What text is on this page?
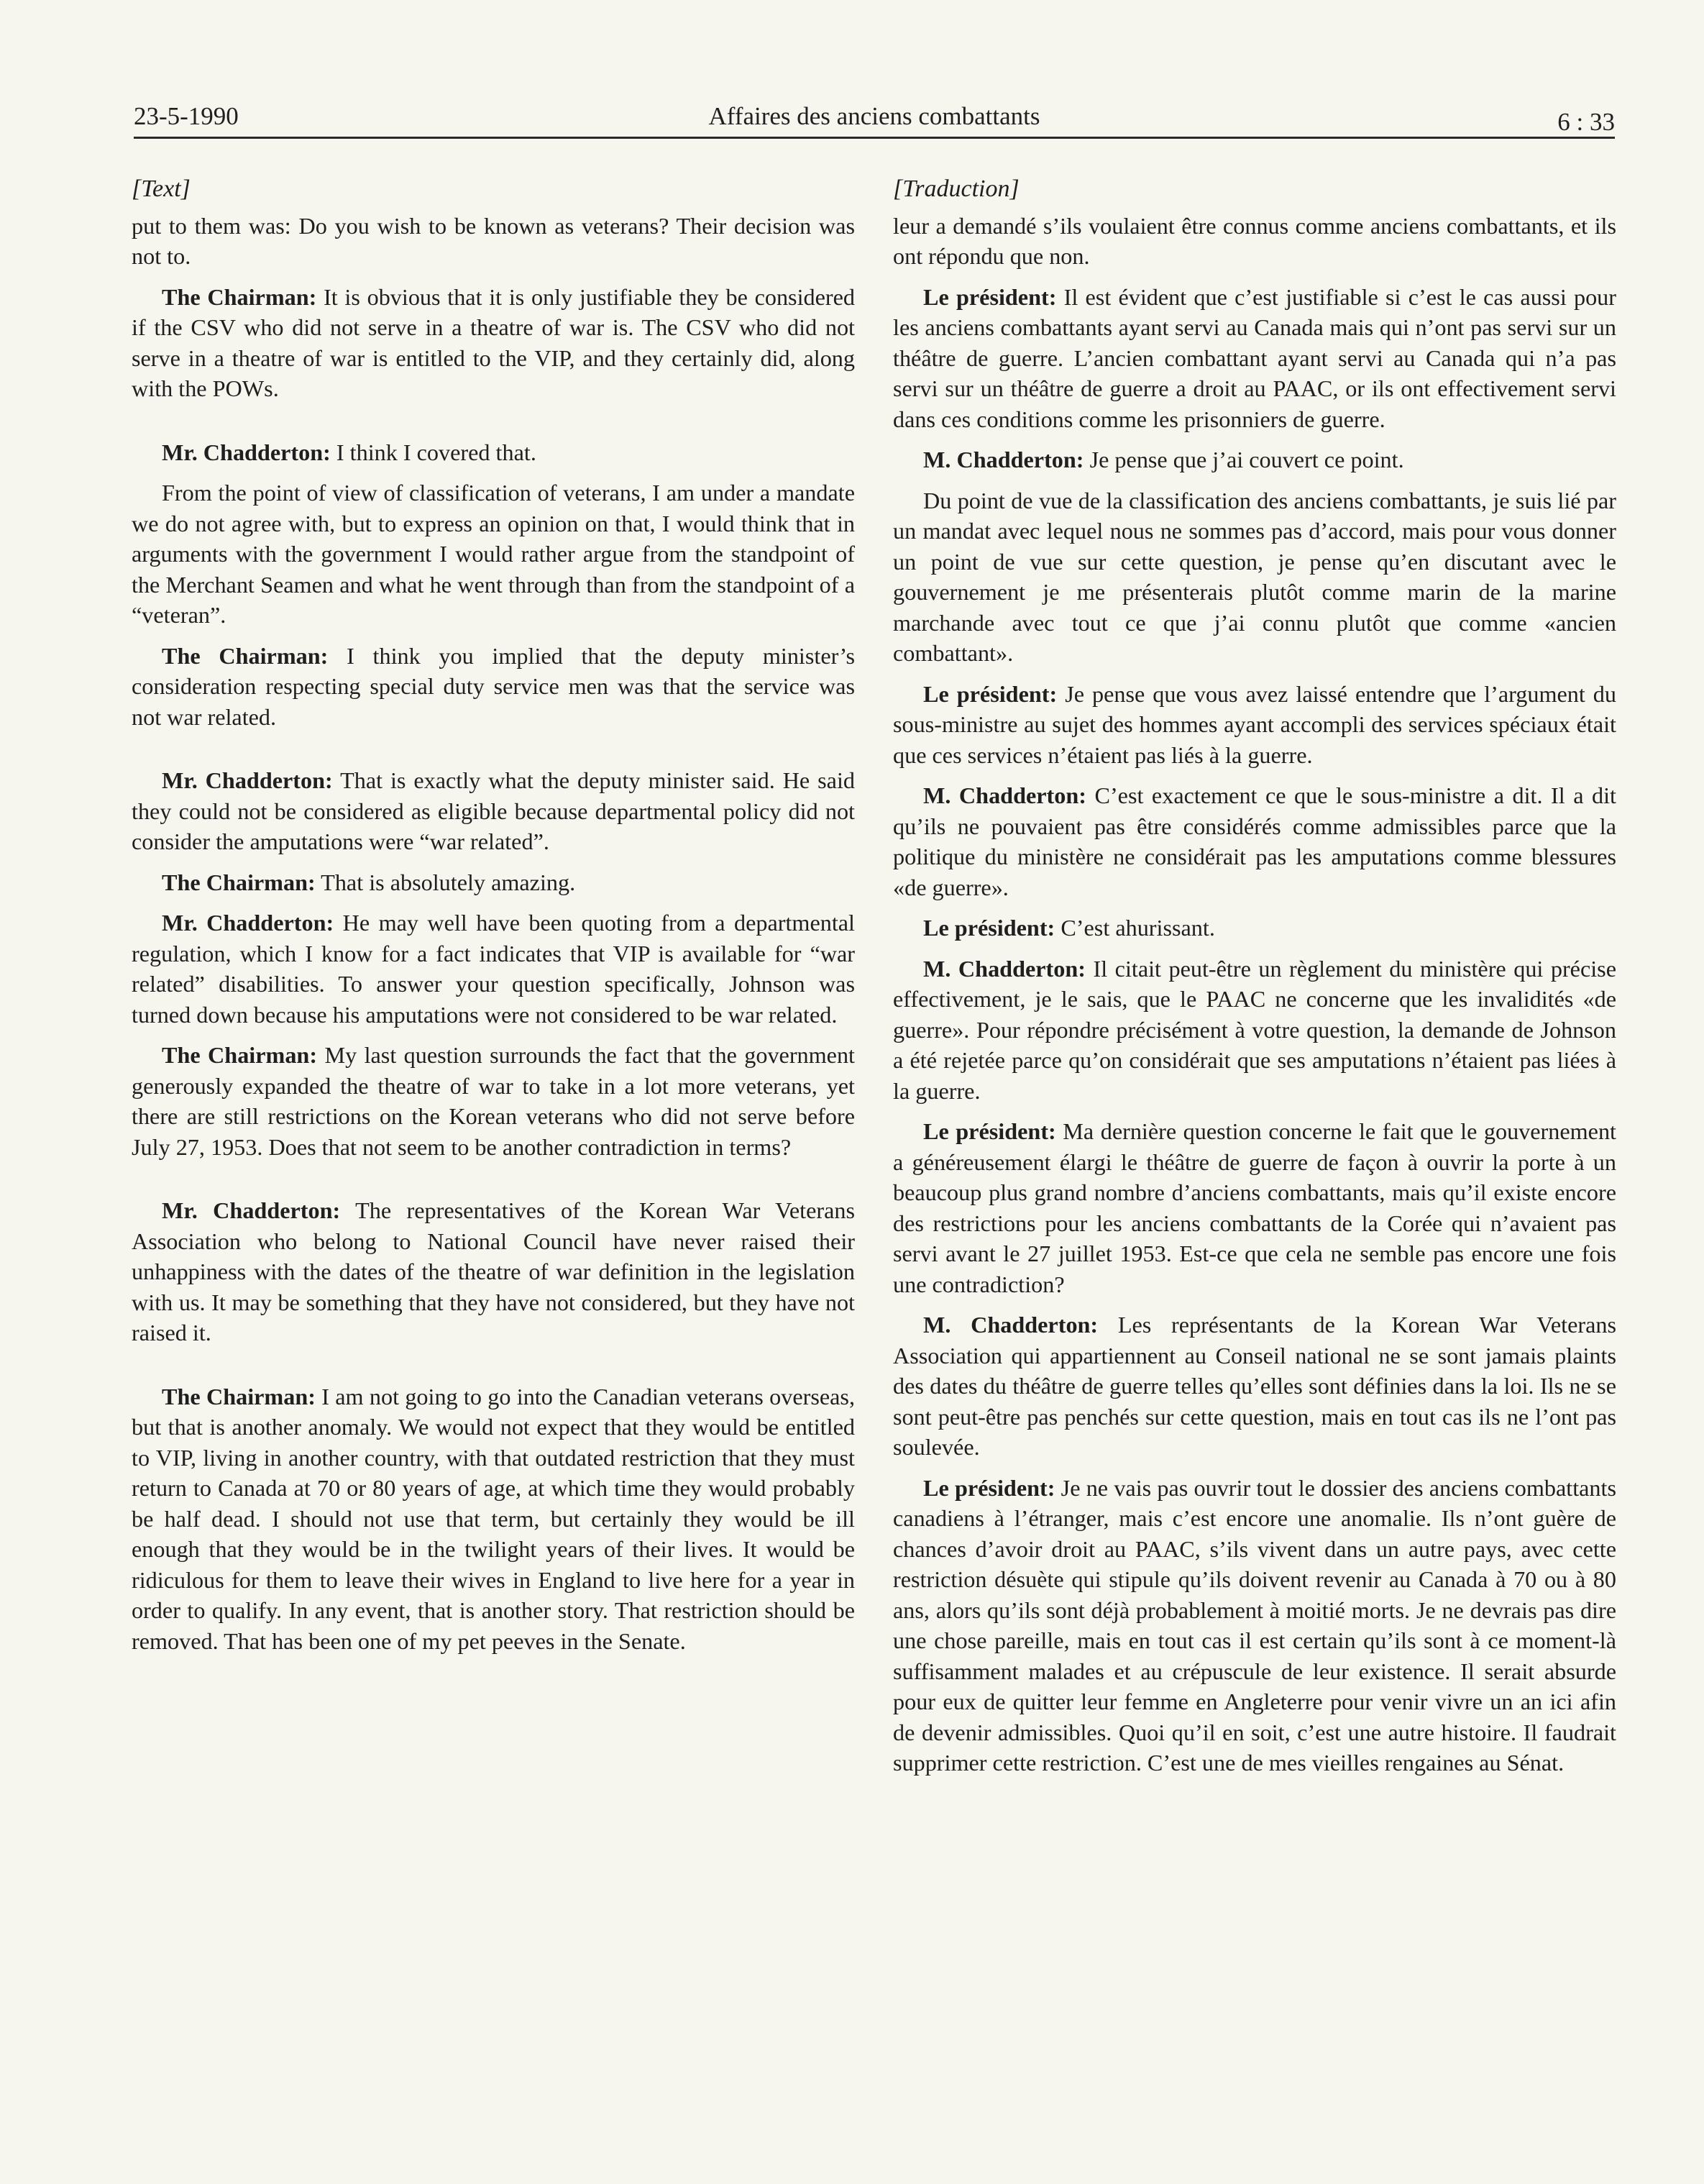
23-5-1990	Affaires des anciens combattants	6 : 33
[Text]

put to them was: Do you wish to be known as veterans? Their decision was not to.

The Chairman: It is obvious that it is only justifiable they be considered if the CSV who did not serve in a theatre of war is. The CSV who did not serve in a theatre of war is entitled to the VIP, and they certainly did, along with the POWs.

Mr. Chadderton: I think I covered that.

From the point of view of classification of veterans, I am under a mandate we do not agree with, but to express an opinion on that, I would think that in arguments with the government I would rather argue from the standpoint of the Merchant Seamen and what he went through than from the standpoint of a “veteran”.

The Chairman: I think you implied that the deputy minister’s consideration respecting special duty service men was that the service was not war related.

Mr. Chadderton: That is exactly what the deputy minister said. He said they could not be considered as eligible because departmental policy did not consider the amputations were “war related”.

The Chairman: That is absolutely amazing.

Mr. Chadderton: He may well have been quoting from a departmental regulation, which I know for a fact indicates that VIP is available for “war related” disabilities. To answer your question specifically, Johnson was turned down because his amputations were not considered to be war related.

The Chairman: My last question surrounds the fact that the government generously expanded the theatre of war to take in a lot more veterans, yet there are still restrictions on the Korean veterans who did not serve before July 27, 1953. Does that not seem to be another contradiction in terms?

Mr. Chadderton: The representatives of the Korean War Veterans Association who belong to National Council have never raised their unhappiness with the dates of the theatre of war definition in the legislation with us. It may be something that they have not considered, but they have not raised it.

The Chairman: I am not going to go into the Canadian veterans overseas, but that is another anomaly. We would not expect that they would be entitled to VIP, living in another country, with that outdated restriction that they must return to Canada at 70 or 80 years of age, at which time they would probably be half dead. I should not use that term, but certainly they would be ill enough that they would be in the twilight years of their lives. It would be ridiculous for them to leave their wives in England to live here for a year in order to qualify. In any event, that is another story. That restriction should be removed. That has been one of my pet peeves in the Senate.

[Traduction]

leur a demandé s’ils voulaient être connus comme anciens combattants, et ils ont répondu que non.

Le président: Il est évident que c’est justifiable si c’est le cas aussi pour les anciens combattants ayant servi au Canada mais qui n’ont pas servi sur un théâtre de guerre. L’ancien combattant ayant servi au Canada qui n’a pas servi sur un théâtre de guerre a droit au PAAC, or ils ont effectivement servi dans ces conditions comme les prisonniers de guerre.

M. Chadderton: Je pense que j’ai couvert ce point.

Du point de vue de la classification des anciens combattants, je suis lié par un mandat avec lequel nous ne sommes pas d’accord, mais pour vous donner un point de vue sur cette question, je pense qu’en discutant avec le gouvernement je me présenterais plutôt comme marin de la marine marchande avec tout ce que j’ai connu plutôt que comme «ancien combattant».

Le président: Je pense que vous avez laissé entendre que l’argument du sous-ministre au sujet des hommes ayant accompli des services spéciaux était que ces services n’étaient pas liés à la guerre.

M. Chadderton: C’est exactement ce que le sous-ministre a dit. Il a dit qu’ils ne pouvaient pas être considérés comme admissibles parce que la politique du ministère ne considérait pas les amputations comme blessures «de guerre».

Le président: C’est ahurissant.

M. Chadderton: Il citait peut-être un règlement du ministère qui précise effectivement, je le sais, que le PAAC ne concerne que les invalidités «de guerre». Pour répondre précisément à votre question, la demande de Johnson a été rejetée parce qu’on considérait que ses amputations n’étaient pas liées à la guerre.

Le président: Ma dernière question concerne le fait que le gouvernement a généreusement élargi le théâtre de guerre de façon à ouvrir la porte à un beaucoup plus grand nombre d’anciens combattants, mais qu’il existe encore des restrictions pour les anciens combattants de la Corée qui n’avaient pas servi avant le 27 juillet 1953. Est-ce que cela ne semble pas encore une fois une contradiction?

M. Chadderton: Les représentants de la Korean War Veterans Association qui appartiennent au Conseil national ne se sont jamais plaints des dates du théâtre de guerre telles qu’elles sont définies dans la loi. Ils ne se sont peut-être pas penchés sur cette question, mais en tout cas ils ne l’ont pas soulevée.

Le président: Je ne vais pas ouvrir tout le dossier des anciens combattants canadiens à l’étranger, mais c’est encore une anomalie. Ils n’ont guère de chances d’avoir droit au PAAC, s’ils vivent dans un autre pays, avec cette restriction désuète qui stipule qu’ils doivent revenir au Canada à 70 ou à 80 ans, alors qu’ils sont déjà probablement à moitié morts. Je ne devrais pas dire une chose pareille, mais en tout cas il est certain qu’ils sont à ce moment-là suffisamment malades et au crépuscule de leur existence. Il serait absurde pour eux de quitter leur femme en Angleterre pour venir vivre un an ici afin de devenir admissibles. Quoi qu’il en soit, c’est une autre histoire. Il faudrait supprimer cette restriction. C’est une de mes vieilles rengaines au Sénat.
